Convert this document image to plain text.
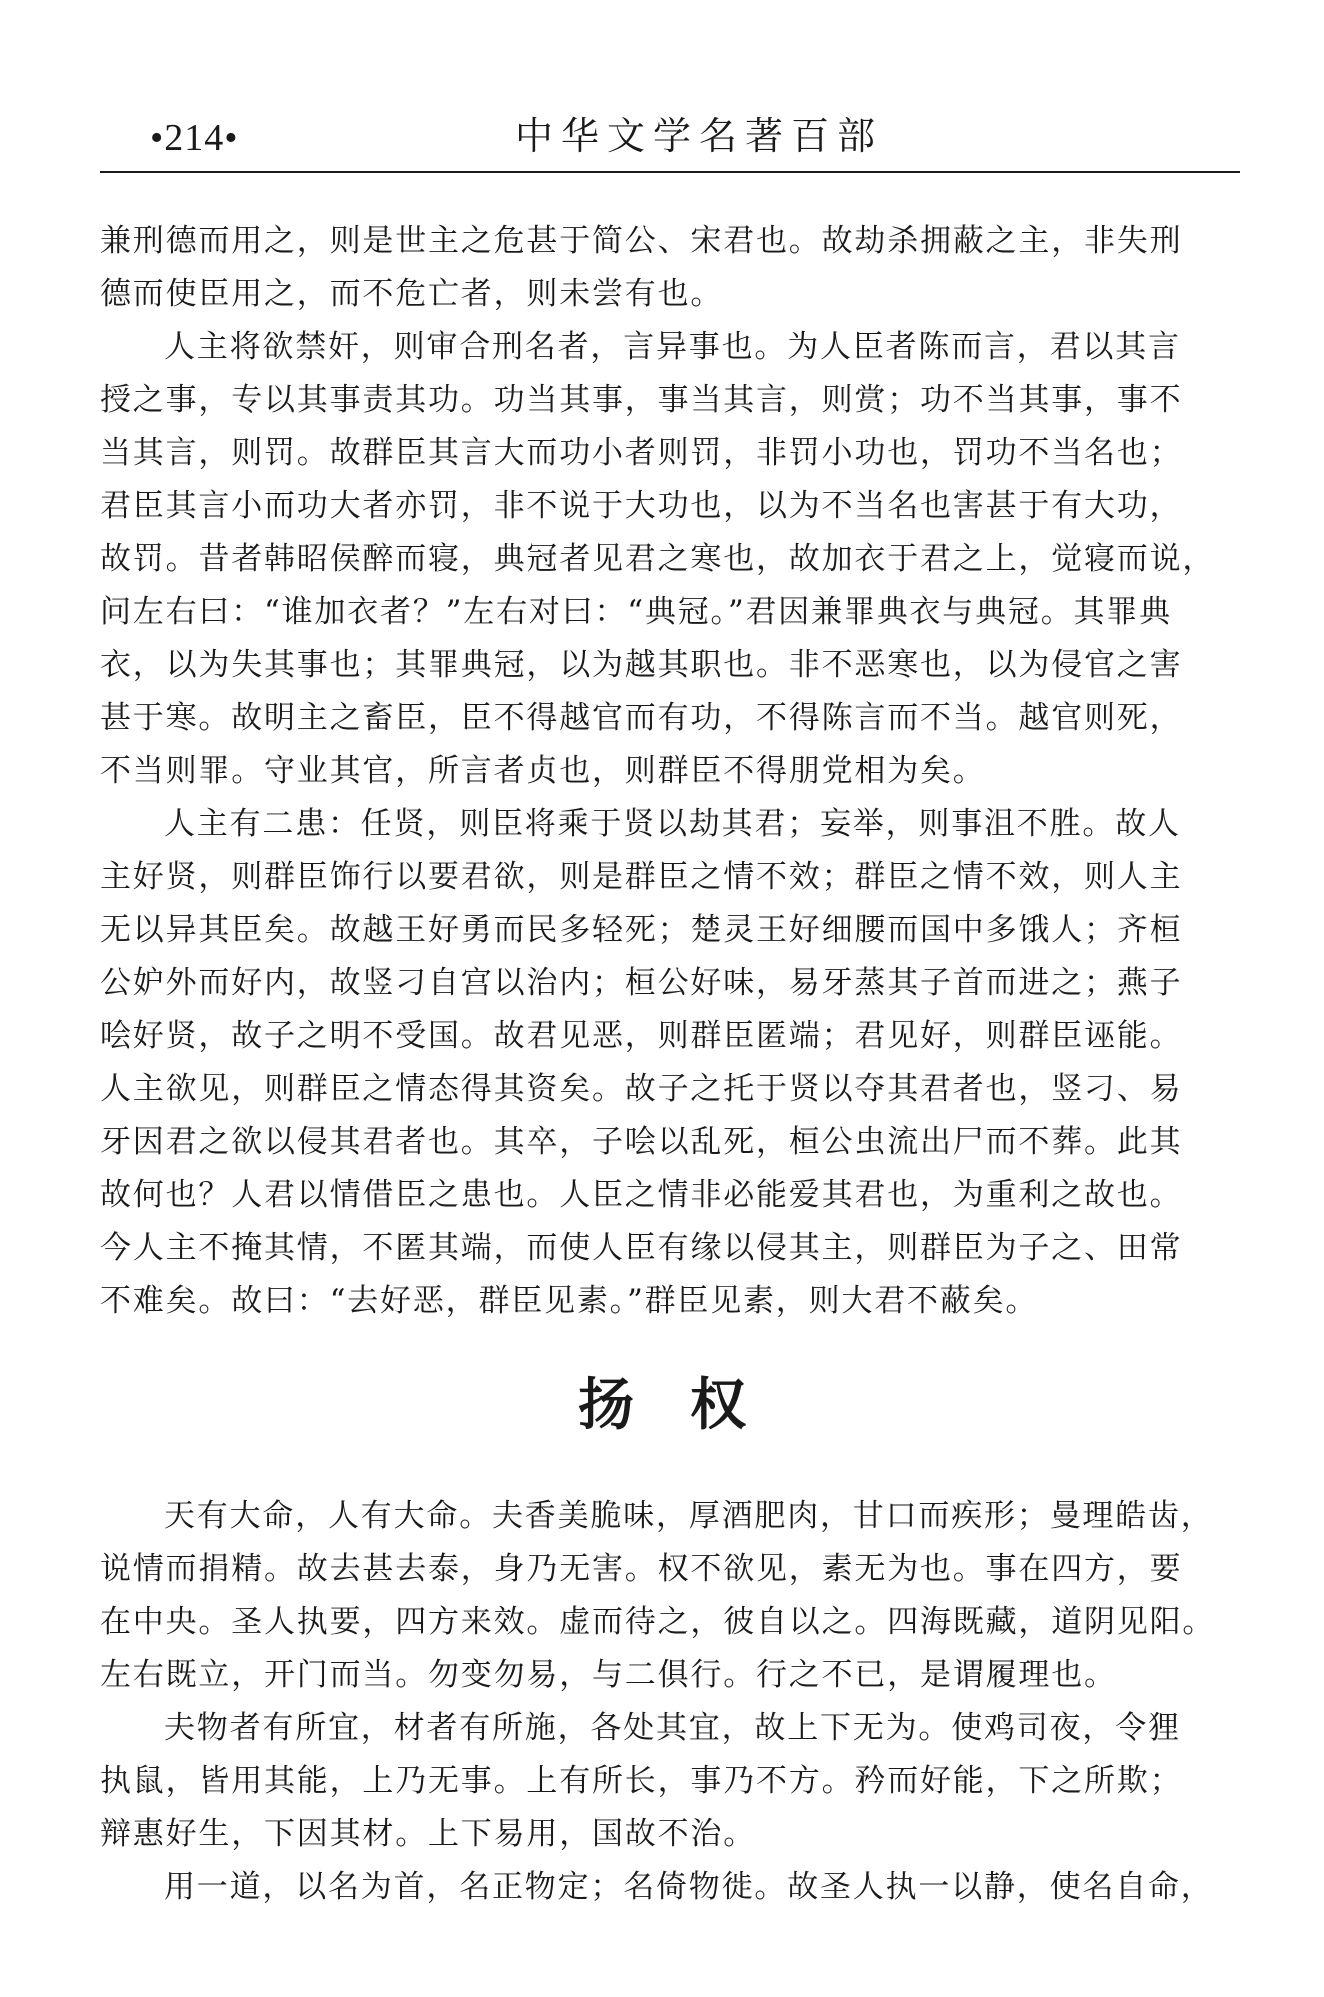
•214•	中华文学名著百部
兼刑德而用之，则是世主之危甚于简公、宋君也。故劫杀拥蔽之主，非失刑
德而使臣用之，而不危亡者，则未尝有也。
人主将欲禁奸，则审合刑名者，言异事也。为人臣者陈而言，君以其言
授之事，专以其事责其功。功当其事，事当其言，则赏；功不当其事，事不
当其言，则罚。故群臣其言大而功小者则罚，非罚小功也，罚功不当名也；
君臣其言小而功大者亦罚，非不说于大功也，以为不当名也害甚于有大功，
故罚。昔者韩昭侯醉而寝，典冠者见君之寒也，故加衣于君之上，觉寝而说，
问左右曰：“谁加衣者？”左右对曰：“典冠。”君因兼罪典衣与典冠。其罪典
衣，以为失其事也；其罪典冠，以为越其职也。非不恶寒也，以为侵官之害
甚于寒。故明主之畜臣，臣不得越官而有功，不得陈言而不当。越官则死，
不当则罪。守业其官，所言者贞也，则群臣不得朋党相为矣。
人主有二患：任贤，则臣将乘于贤以劫其君；妄举，则事沮不胜。故人
主好贤，则群臣饰行以要君欲，则是群臣之情不效；群臣之情不效，则人主
无以异其臣矣。故越王好勇而民多轻死；楚灵王好细腰而国中多饿人；齐桓
公妒外而好内，故竖刁自宫以治内；桓公好味，易牙蒸其子首而进之；燕子
哙好贤，故子之明不受国。故君见恶，则群臣匿端；君见好，则群臣诬能。
人主欲见，则群臣之情态得其资矣。故子之托于贤以夺其君者也，竖刁、易
牙因君之欲以侵其君者也。其卒，子哙以乱死，桓公虫流出尸而不葬。此其
故何也？人君以情借臣之患也。人臣之情非必能爱其君也，为重利之故也。
今人主不掩其情，不匿其端，而使人臣有缘以侵其主，则群臣为子之、田常
不难矣。故曰：“去好恶，群臣见素。”群臣见素，则大君不蔽矣。
扬权
天有大命，人有大命。夫香美脆味，厚酒肥肉，甘口而疾形；曼理皓齿，
说情而捐精。故去甚去泰，身乃无害。权不欲见，素无为也。事在四方，要
在中央。圣人执要，四方来效。虚而待之，彼自以之。四海既藏，道阴见阳。
左右既立，开门而当。勿变勿易，与二俱行。行之不已，是谓履理也。
夫物者有所宜，材者有所施，各处其宜，故上下无为。使鸡司夜，令狸
执鼠，皆用其能，上乃无事。上有所长，事乃不方。矜而好能，下之所欺；
辩惠好生，下因其材。上下易用，国故不治。
用一道，以名为首，名正物定；名倚物徙。故圣人执一以静，使名自命，
